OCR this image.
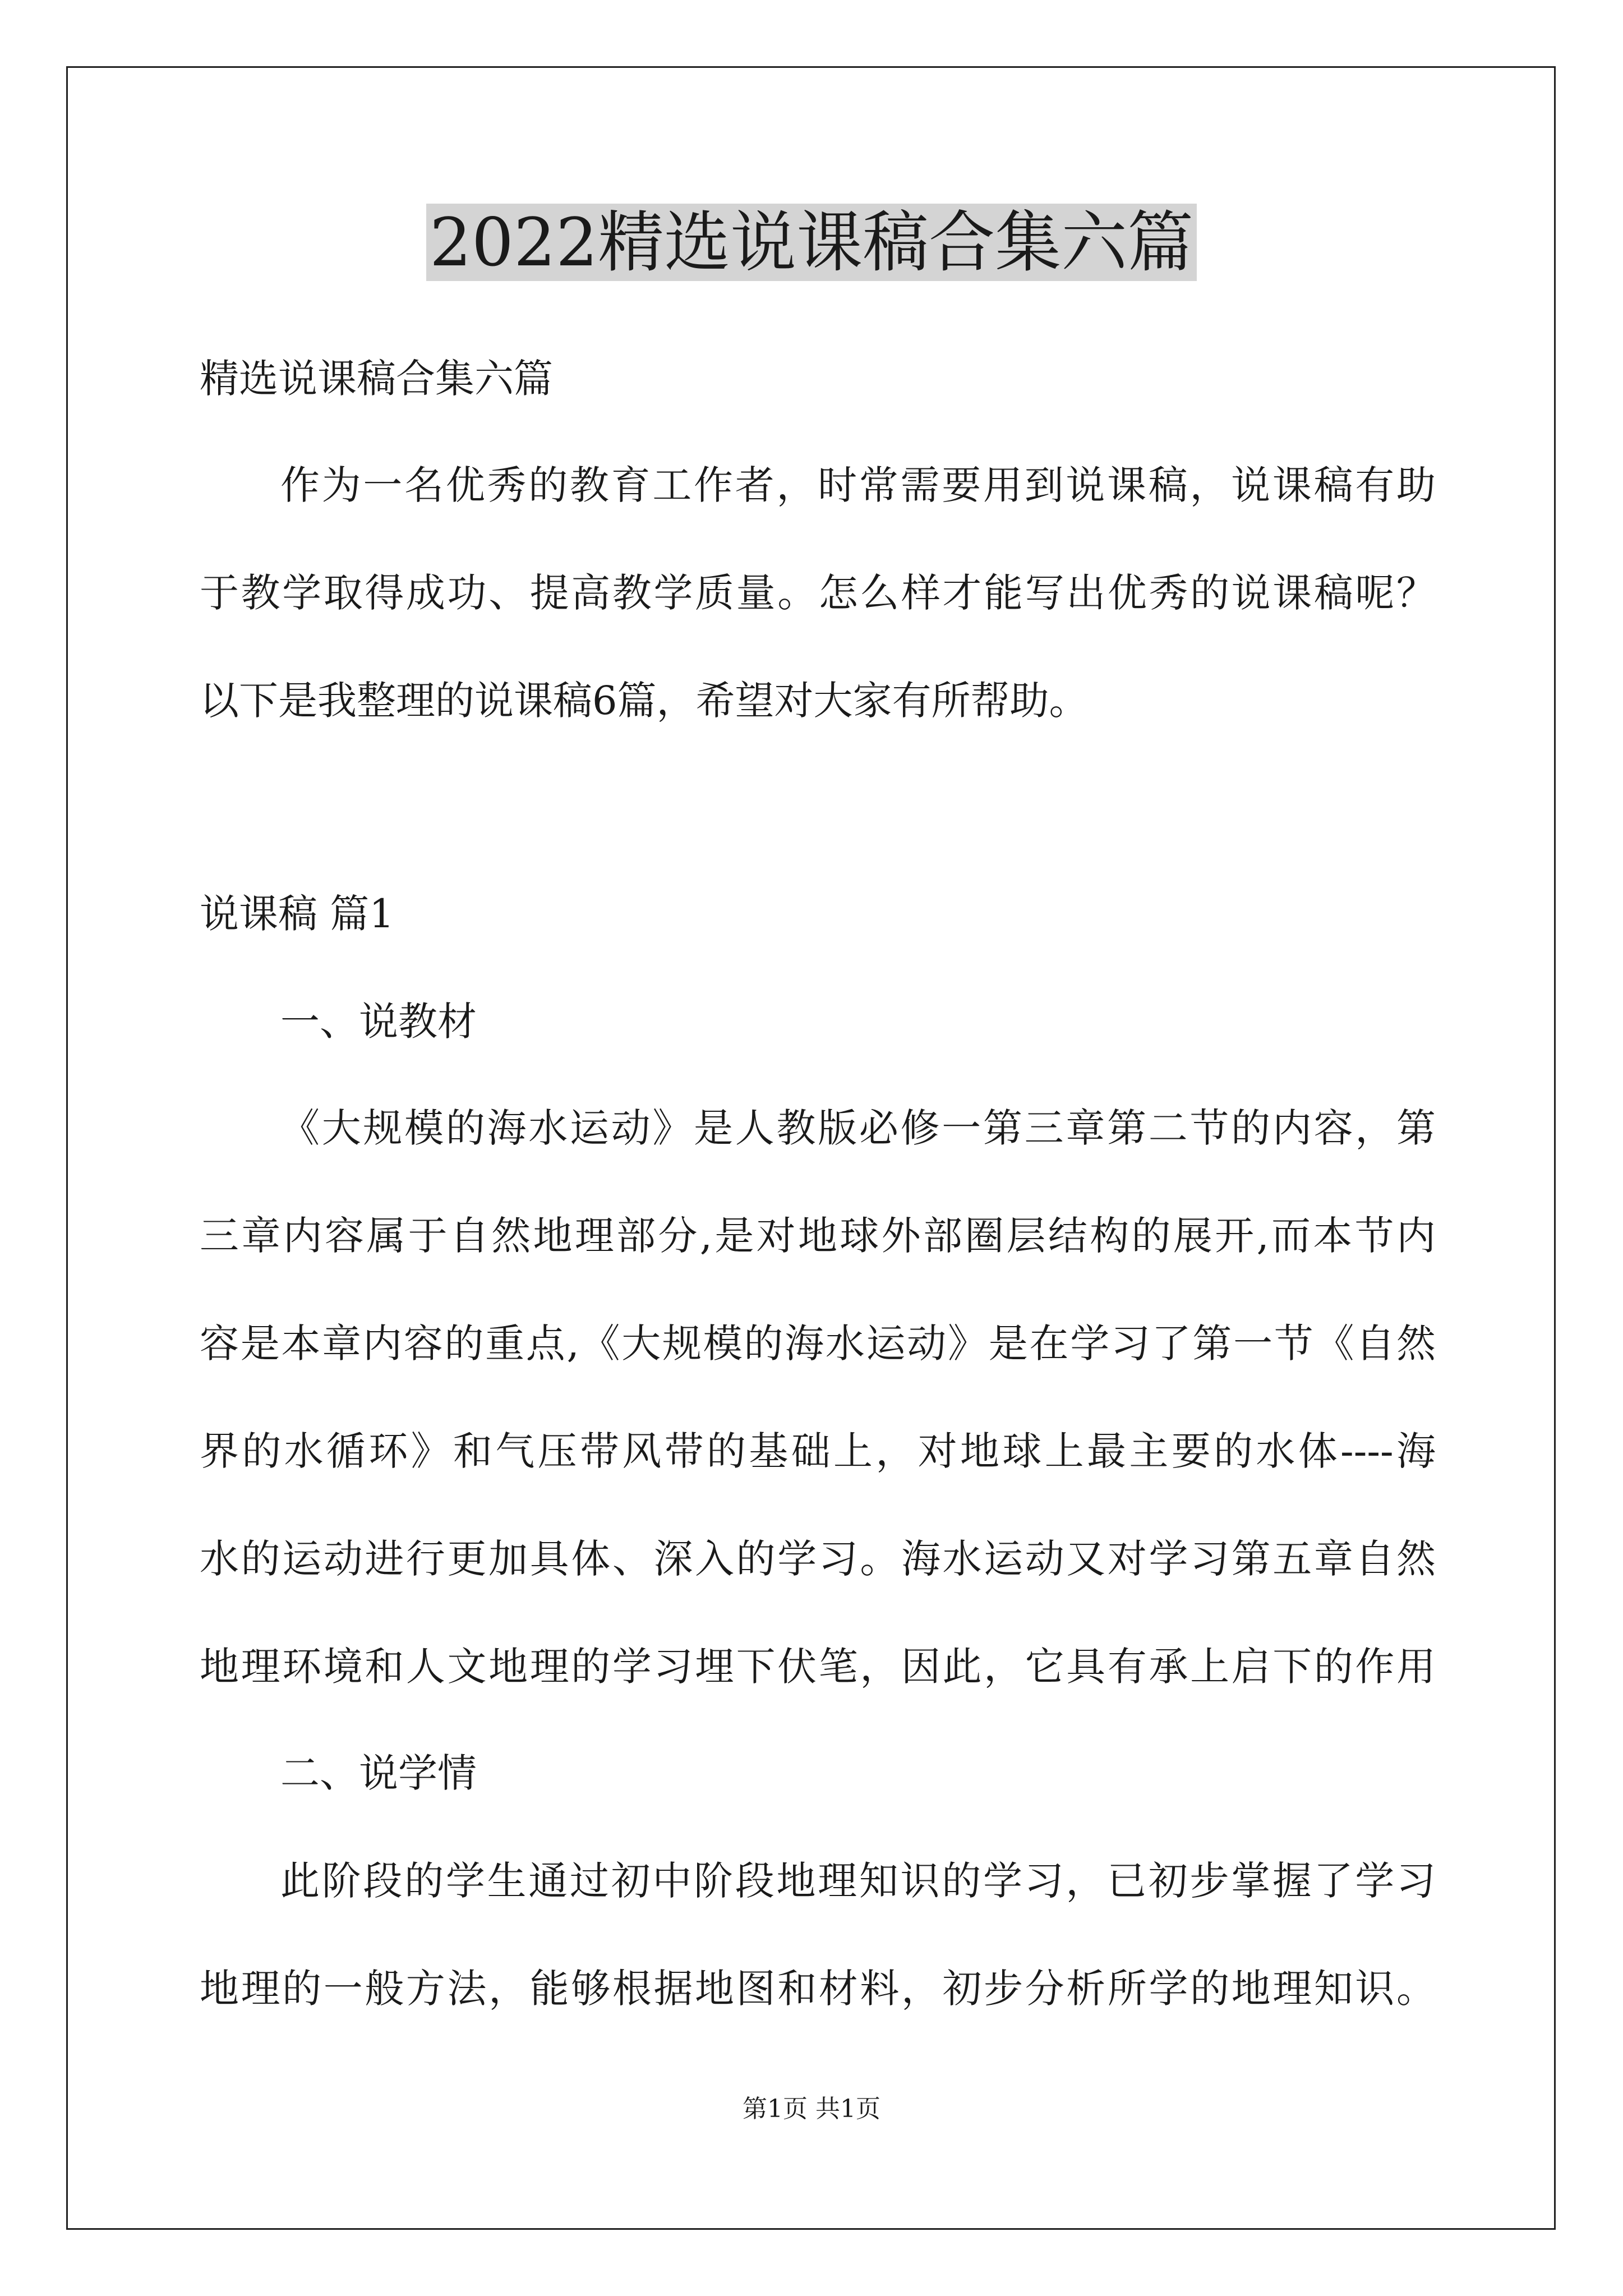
2022精选说课稿合集六篇
精选说课稿合集六篇
作为一名优秀的教育工作者，时常需要用到说课稿，说课稿有助
于教学取得成功、提高教学质量。怎么样才能写出优秀的说课稿呢？
以下是我整理的说课稿6篇，希望对大家有所帮助。
说课稿 篇1
一、说教材
《大规模的海水运动》是人教版必修一第三章第二节的内容，第
三章内容属于自然地理部分,是对地球外部圈层结构的展开,而本节内
容是本章内容的重点,《大规模的海水运动》是在学习了第一节《自然
界的水循环》和气压带风带的基础上，对地球上最主要的水体----海
水的运动进行更加具体、深入的学习。海水运动又对学习第五章自然
地理环境和人文地理的学习埋下伏笔，因此，它具有承上启下的作用
二、说学情
此阶段的学生通过初中阶段地理知识的学习，已初步掌握了学习
地理的一般方法，能够根据地图和材料，初步分析所学的地理知识。
第1页 共1页
